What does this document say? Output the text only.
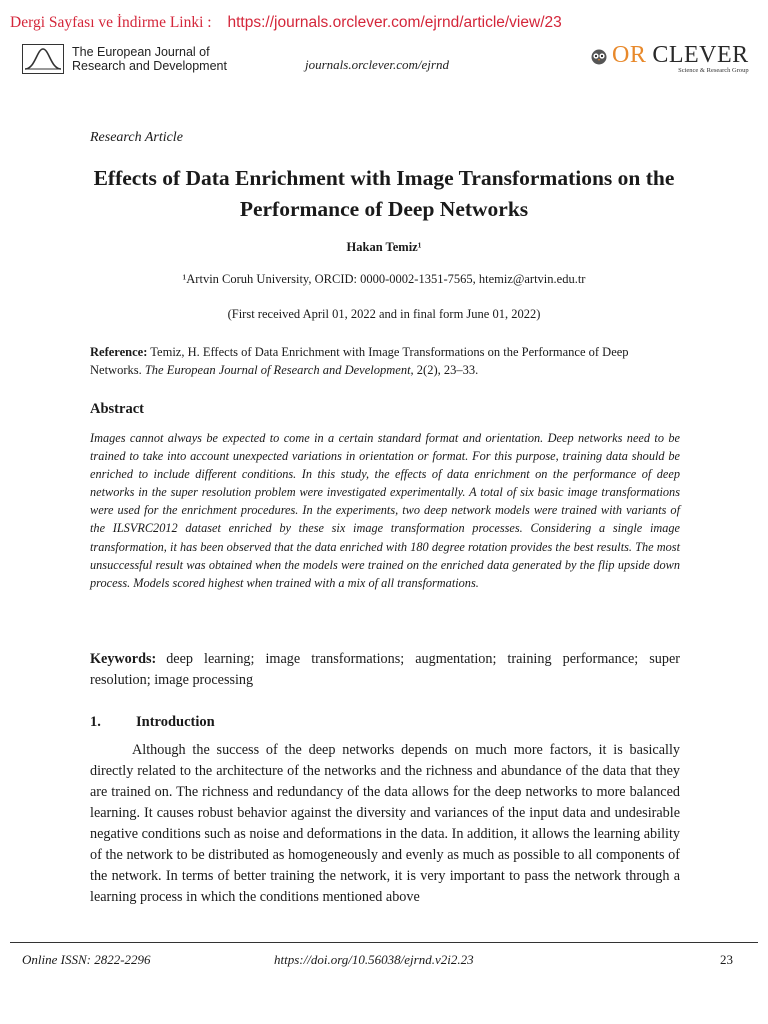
Dergi Sayfası ve İndirme Linki : https://journals.orclever.com/ejrnd/article/view/23
The European Journal of
Research and Development	journals.orclever.com/ejrnd	OR CLEVER
Science & Research Group
Research Article
Effects of Data Enrichment with Image Transformations on the Performance of Deep Networks
Hakan Temiz¹
¹Artvin Coruh University, ORCID: 0000-0002-1351-7565, htemiz@artvin.edu.tr
(First received April 01, 2022 and in final form June 01, 2022)
Reference: Temiz, H. Effects of Data Enrichment with Image Transformations on the Performance of Deep Networks. The European Journal of Research and Development, 2(2), 23–33.
Abstract
Images cannot always be expected to come in a certain standard format and orientation. Deep networks need to be trained to take into account unexpected variations in orientation or format. For this purpose, training data should be enriched to include different conditions. In this study, the effects of data enrichment on the performance of deep networks in the super resolution problem were investigated experimentally. A total of six basic image transformations were used for the enrichment procedures. In the experiments, two deep network models were trained with variants of the ILSVRC2012 dataset enriched by these six image transformation processes. Considering a single image transformation, it has been observed that the data enriched with 180 degree rotation provides the best results. The most unsuccessful result was obtained when the models were trained on the enriched data generated by the flip upside down process. Models scored highest when trained with a mix of all transformations.
Keywords: deep learning; image transformations; augmentation; training performance; super resolution; image processing
1. Introduction
Although the success of the deep networks depends on much more factors, it is basically directly related to the architecture of the networks and the richness and abundance of the data that they are trained on. The richness and redundancy of the data allows for the deep networks to more balanced learning. It causes robust behavior against the diversity and variances of the input data and undesirable negative conditions such as noise and deformations in the data. In addition, it allows the learning ability of the network to be distributed as homogeneously and evenly as much as possible to all components of the network. In terms of better training the network, it is very important to pass the network through a learning process in which the conditions mentioned above
Online ISSN: 2822-2296	https://doi.org/10.56038/ejrnd.v2i2.23	23
